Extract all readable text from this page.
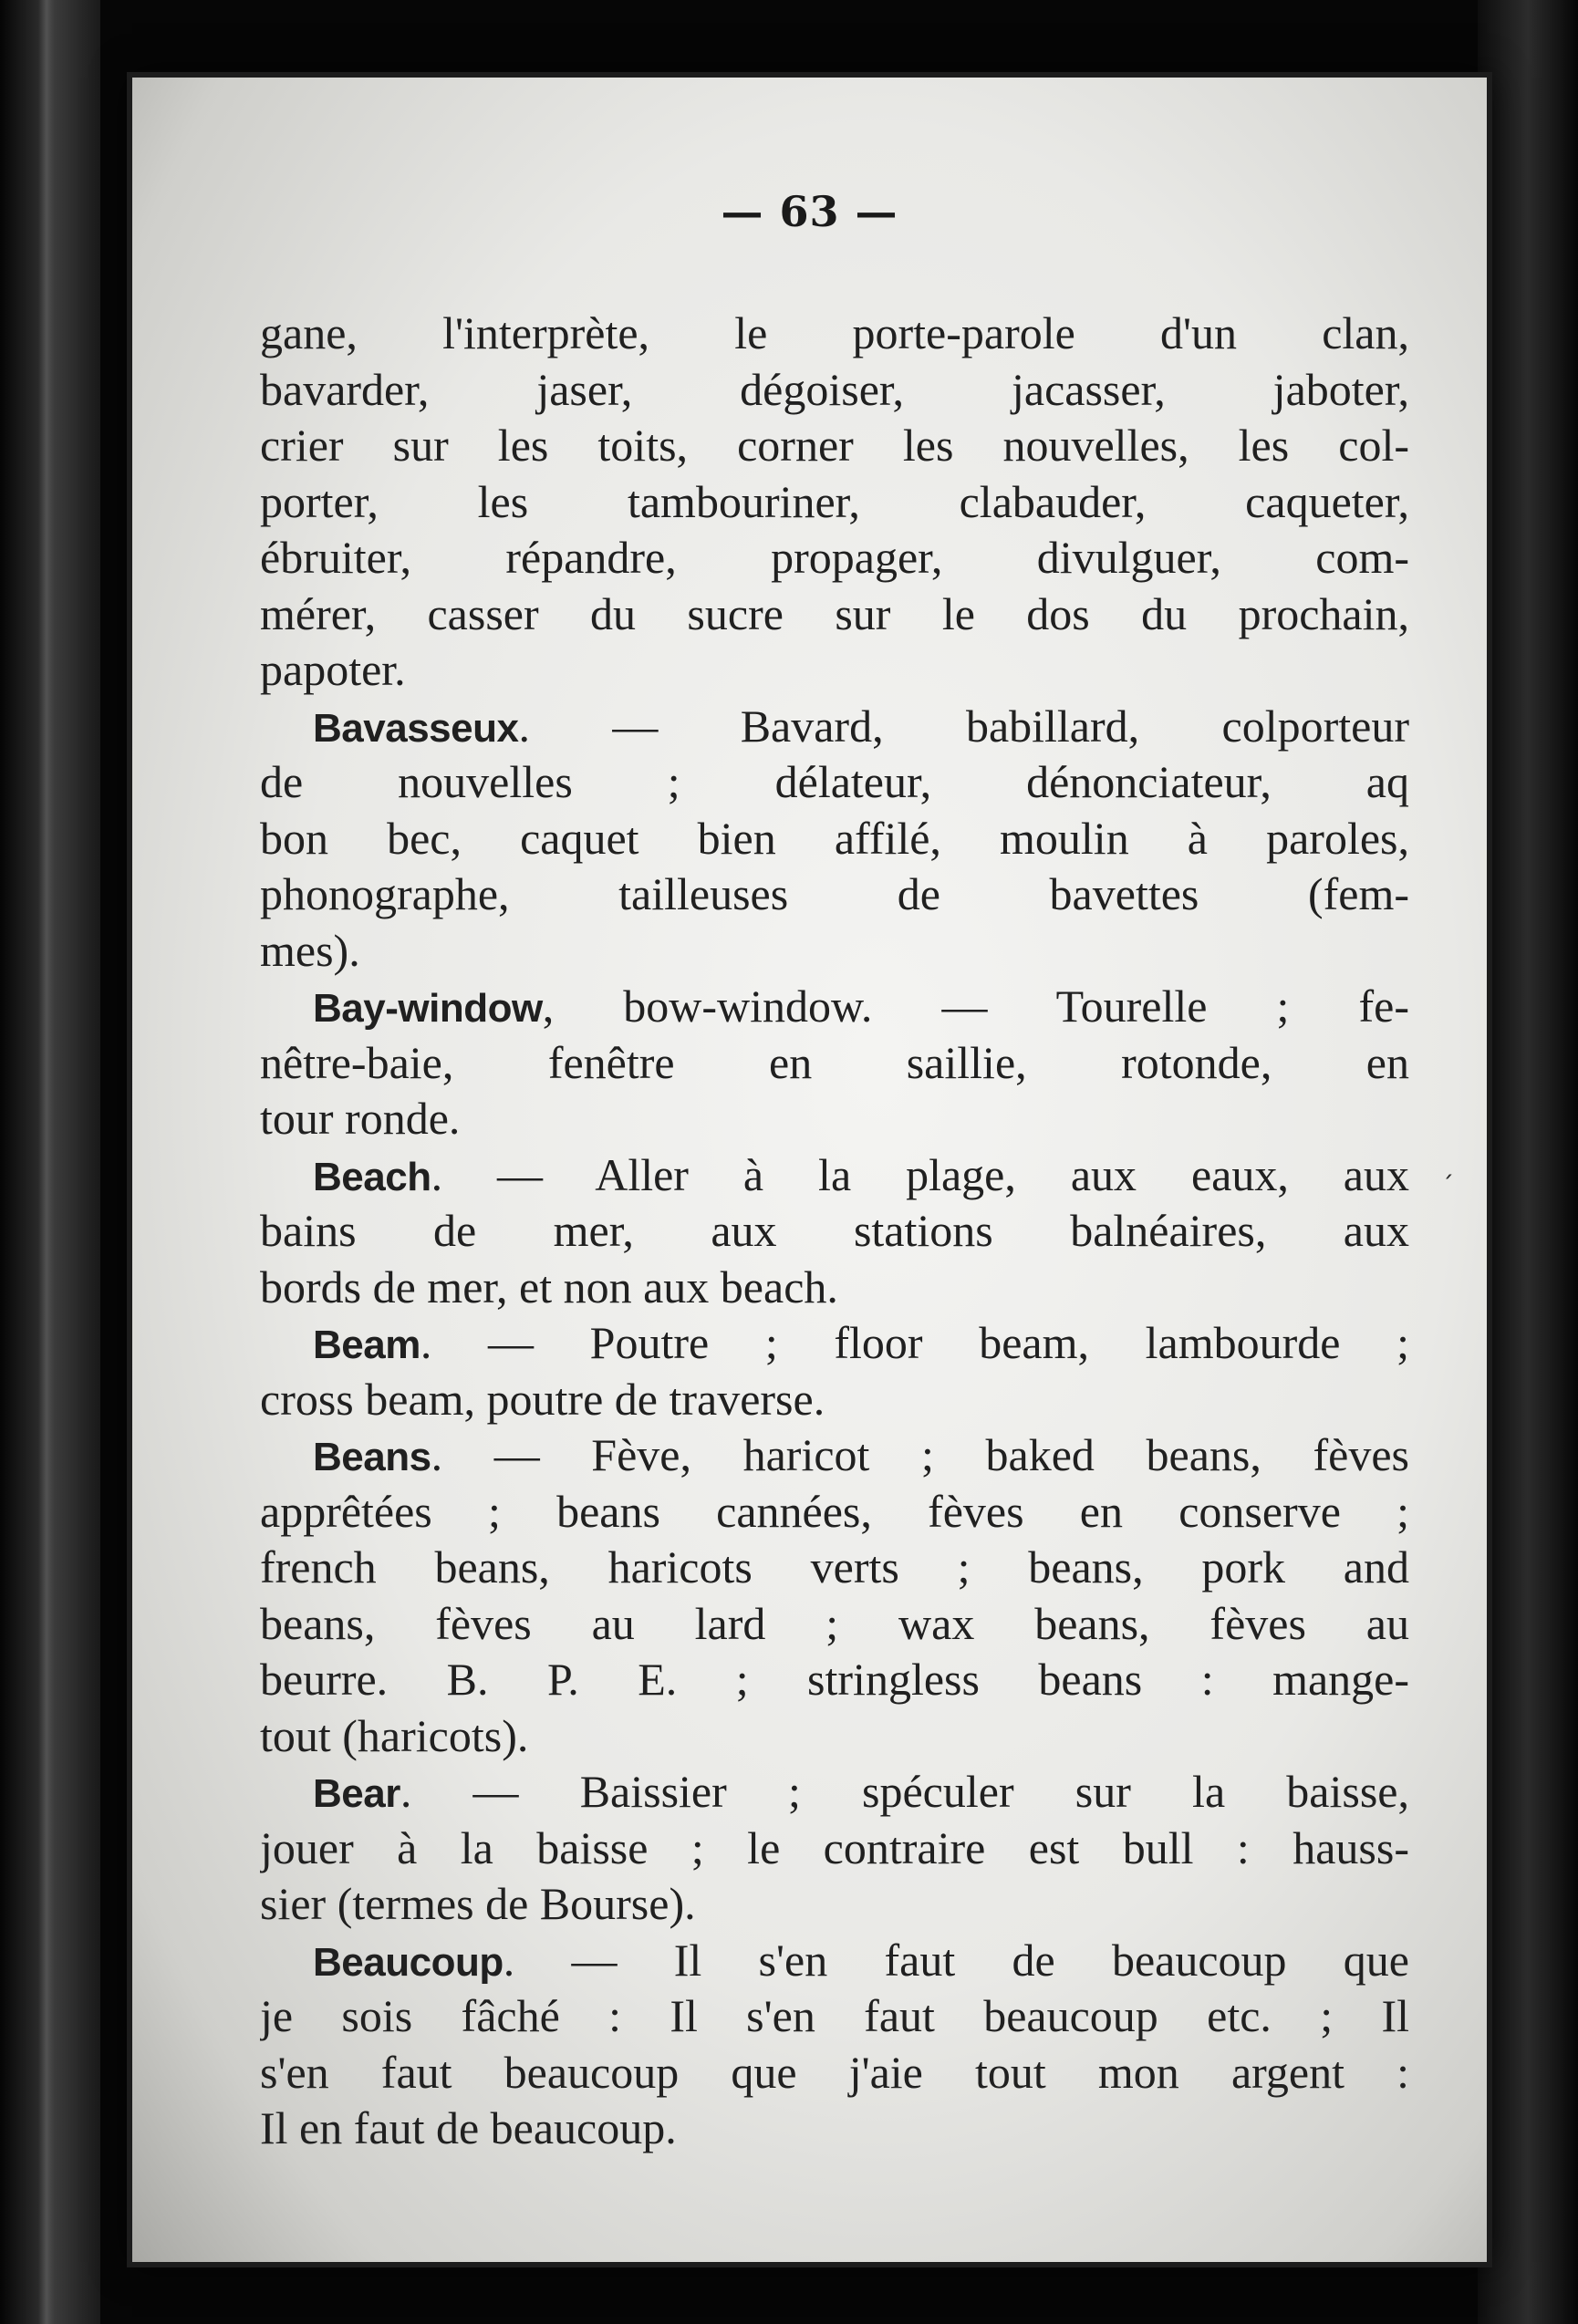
— 63 —
gane, l'interprète, le porte-parole d'un clan,
bavarder, jaser, dégoiser, jacasser, jaboter,
crier sur les toits, corner les nouvelles, les col-
porter, les tambouriner, clabauder, caqueter,
ébruiter, répandre, propager, divulguer, com-
mérer, casser du sucre sur le dos du prochain,
papoter.
Bavasseux. — Bavard, babillard, colporteur
de nouvelles ; délateur, dénonciateur, aq
bon bec, caquet bien affilé, moulin à paroles,
phonographe, tailleuses de bavettes (fem-
mes).
Bay-window, bow-window. — Tourelle ; fe-
nêtre-baie, fenêtre en saillie, rotonde, en
tour ronde.
Beach. — Aller à la plage, aux eaux, aux
bains de mer, aux stations balnéaires, aux
bords de mer, et non aux beach.
Beam. — Poutre ; floor beam, lambourde ;
cross beam, poutre de traverse.
Beans. — Fève, haricot ; baked beans, fèves
apprêtées ; beans cannées, fèves en conserve ;
french beans, haricots verts ; beans, pork and
beans, fèves au lard ; wax beans, fèves au
beurre. B. P. E. ; stringless beans : mange-
tout (haricots).
Bear. — Baissier ; spéculer sur la baisse,
jouer à la baisse ; le contraire est bull : hauss-
sier (termes de Bourse).
Beaucoup. — Il s'en faut de beaucoup que
je sois fâché : Il s'en faut beaucoup etc. ; Il
s'en faut beaucoup que j'aie tout mon argent :
Il en faut de beaucoup.
ˏ
